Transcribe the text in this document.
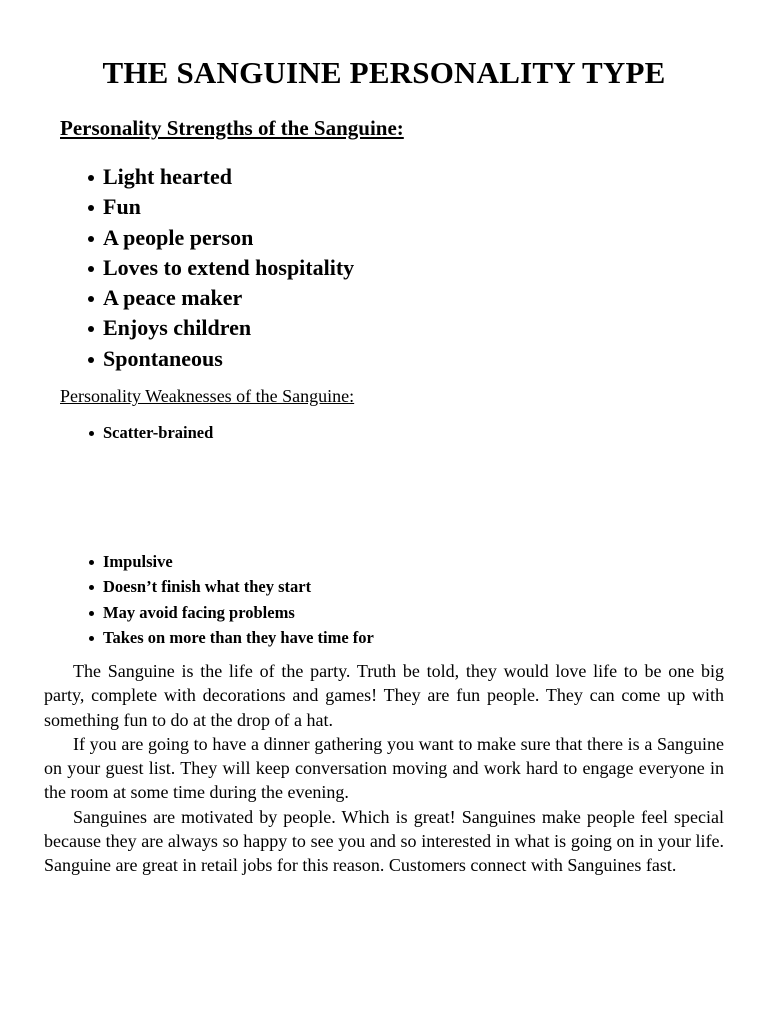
THE SANGUINE PERSONALITY TYPE
Personality Strengths of the Sanguine:
Light hearted
Fun
A people person
Loves to extend hospitality
A peace maker
Enjoys children
Spontaneous
Personality Weaknesses of the Sanguine:
Scatter-brained
Impulsive
Doesn’t finish what they start
May avoid facing problems
Takes on more than they have time for

The Sanguine is the life of the party. Truth be told, they would love life to be one big party, complete with decorations and games! They are fun people. They can come up with something fun to do at the drop of a hat.

If you are going to have a dinner gathering you want to make sure that there is a Sanguine on your guest list. They will keep conversation moving and work hard to engage everyone in the room at some time during the evening.

Sanguines are motivated by people. Which is great! Sanguines make people feel special because they are always so happy to see you and so interested in what is going on in your life. Sanguine are great in retail jobs for this reason. Customers connect with Sanguines fast.
